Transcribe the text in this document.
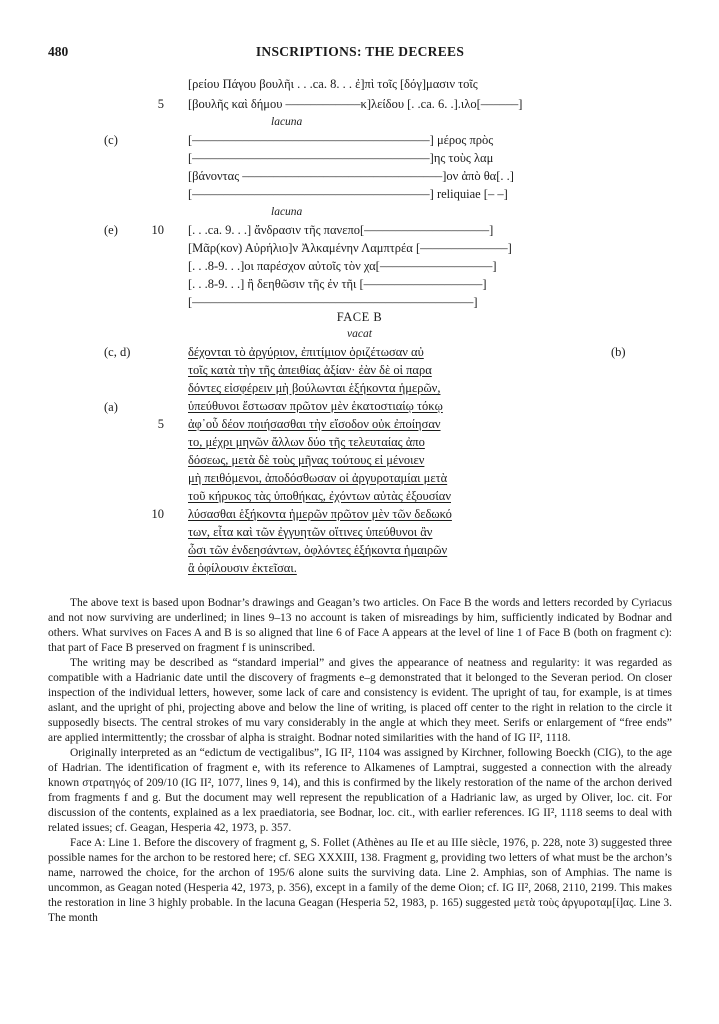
480	INSCRIPTIONS: THE DECREES
[ρείου Πάγου βουλῆι . . .ca. 8. . . ἐ]πὶ τοῖς [δόγ]μασιν τοῖς
5 [βουλῆς καὶ δήμου ––––––––––––κ]λείδου [. .ca. 6. .].ιλο[––––––]
lacuna
(c)	[––––––––––––––––––––––––––––––––––––––] μέρος πρὸς
[––––––––––––––––––––––––––––––––––––––]ης τοὺς λαμ
[βάνοντας ––––––––––––––––––––––––––––––––]ον ἀπὸ θα[. .]
[––––––––––––––––––––––––––––––––––––––] reliquiae [– –]
lacuna
(e)	10 [. . .ca. 9. . .] ἄνδρασιν τῆς πανεπο[––––––––––––––––––––]
[Μᾶρ(κον) Αὐρήλιο]ν Ἀλκαμένην Λαμπτρέα [––––––––––––––]
[. . .8-9. . .]οι παρέσχον αὐτοῖς τὸν χα[––––––––––––––––––]
[. . .8-9. . .] ἢ δεηθῶσιν τῆς ἐν τῆι [–––––––––––––––––––]
[–––––––––––––––––––––––––––––––––––––––––––––]
FACE B
vacat
(c, d)	(b)
δέχονται τὸ ἀργύριον, ἐπιτίμιον ὁριζέτωσαν αὐ
τοῖς κατὰ τὴν τῆς ἀπειθίας ἀξίαν· ἐὰν δὲ οἱ παρα
δόντες εἰσφέρειν μὴ βούλωνται ἑξήκοντα ἡμερῶν,
ὑπεύθυνοι ἔστωσαν πρῶτον μὲν ἑκατοστιαίῳ τόκῳ
(a)
5 ἀφ᾽οὗ δέον ποιήσασθαι τὴν εἴσοδον οὐκ ἐποίησαν
το, μέχρι μηνῶν ἄλλων δύο τῆς τελευταίας ἀπο
δόσεως, μετὰ δὲ τοὺς μῆνας τούτους εἰ μένοιεν
μὴ πειθόμενοι, ἀποδόσθωσαν οἱ ἀργυροταμίαι μετὰ
τοῦ κήρυκος τὰς ὑποθήκας, ἐχόντων αὐτὰς ἐξουσίαν
10 λύσασθαι ἑξήκοντα ἡμερῶν πρῶτον μὲν τῶν δεδωκό
των, εἶτα καὶ τῶν ἐγγυητῶν οἵτινες ὑπεύθυνοι ἂν
ὦσι τῶν ἐνδεησάντων, ὀφλόντες ἑξήκοντα ἡμαιρῶν
ἃ ὀφίλουσιν ἐκτεῖσαι.

The above text is based upon Bodnar’s drawings and Geagan’s two articles. On Face B the words and letters recorded by Cyriacus and not now surviving are underlined; in lines 9–13 no account is taken of misreadings by him, sufficiently indicated by Bodnar and others. What survives on Faces A and B is so aligned that line 6 of Face A appears at the level of line 1 of Face B (both on fragment c): that part of Face B preserved on fragment f is uninscribed.

The writing may be described as “standard imperial” and gives the appearance of neatness and regularity: it was regarded as compatible with a Hadrianic date until the discovery of fragments e–g demonstrated that it belonged to the Severan period. On closer inspection of the individual letters, however, some lack of care and consistency is evident. The upright of tau, for example, is at times aslant, and the upright of phi, projecting above and below the line of writing, is placed off center to the right in relation to the circle it supposedly bisects. The central strokes of mu vary considerably in the angle at which they meet. Serifs or enlargement of “free ends” are applied intermittently; the crossbar of alpha is straight. Bodnar noted similarities with the hand of IG II², 1118.

Originally interpreted as an “edictum de vectigalibus”, IG II², 1104 was assigned by Kirchner, following Boeckh (CIG), to the age of Hadrian. The identification of fragment e, with its reference to Alkamenes of Lamptrai, suggested a connection with the already known στρατηγός of 209/10 (IG II², 1077, lines 9, 14), and this is confirmed by the likely restoration of the name of the archon derived from fragments f and g. But the document may well represent the republication of a Hadrianic law, as urged by Oliver, loc. cit. For discussion of the contents, explained as a lex praediatoria, see Bodnar, loc. cit., with earlier references. IG II², 1118 seems to deal with related issues; cf. Geagan, Hesperia 42, 1973, p. 357.

Face A: Line 1. Before the discovery of fragment g, S. Follet (Athènes au IIe et au IIIe siècle, 1976, p. 228, note 3) suggested three possible names for the archon to be restored here; cf. SEG XXXIII, 138. Fragment g, providing two letters of what must be the archon’s name, narrowed the choice, for the archon of 195/6 alone suits the surviving data. Line 2. Amphias, son of Amphias. The name is uncommon, as Geagan noted (Hesperia 42, 1973, p. 356), except in a family of the deme Oion; cf. IG II², 2068, 2110, 2199. This makes the restoration in line 3 highly probable. In the lacuna Geagan (Hesperia 52, 1983, p. 165) suggested μετὰ τοὺς ἀργυροταμ[ί]ας. Line 3. The month
